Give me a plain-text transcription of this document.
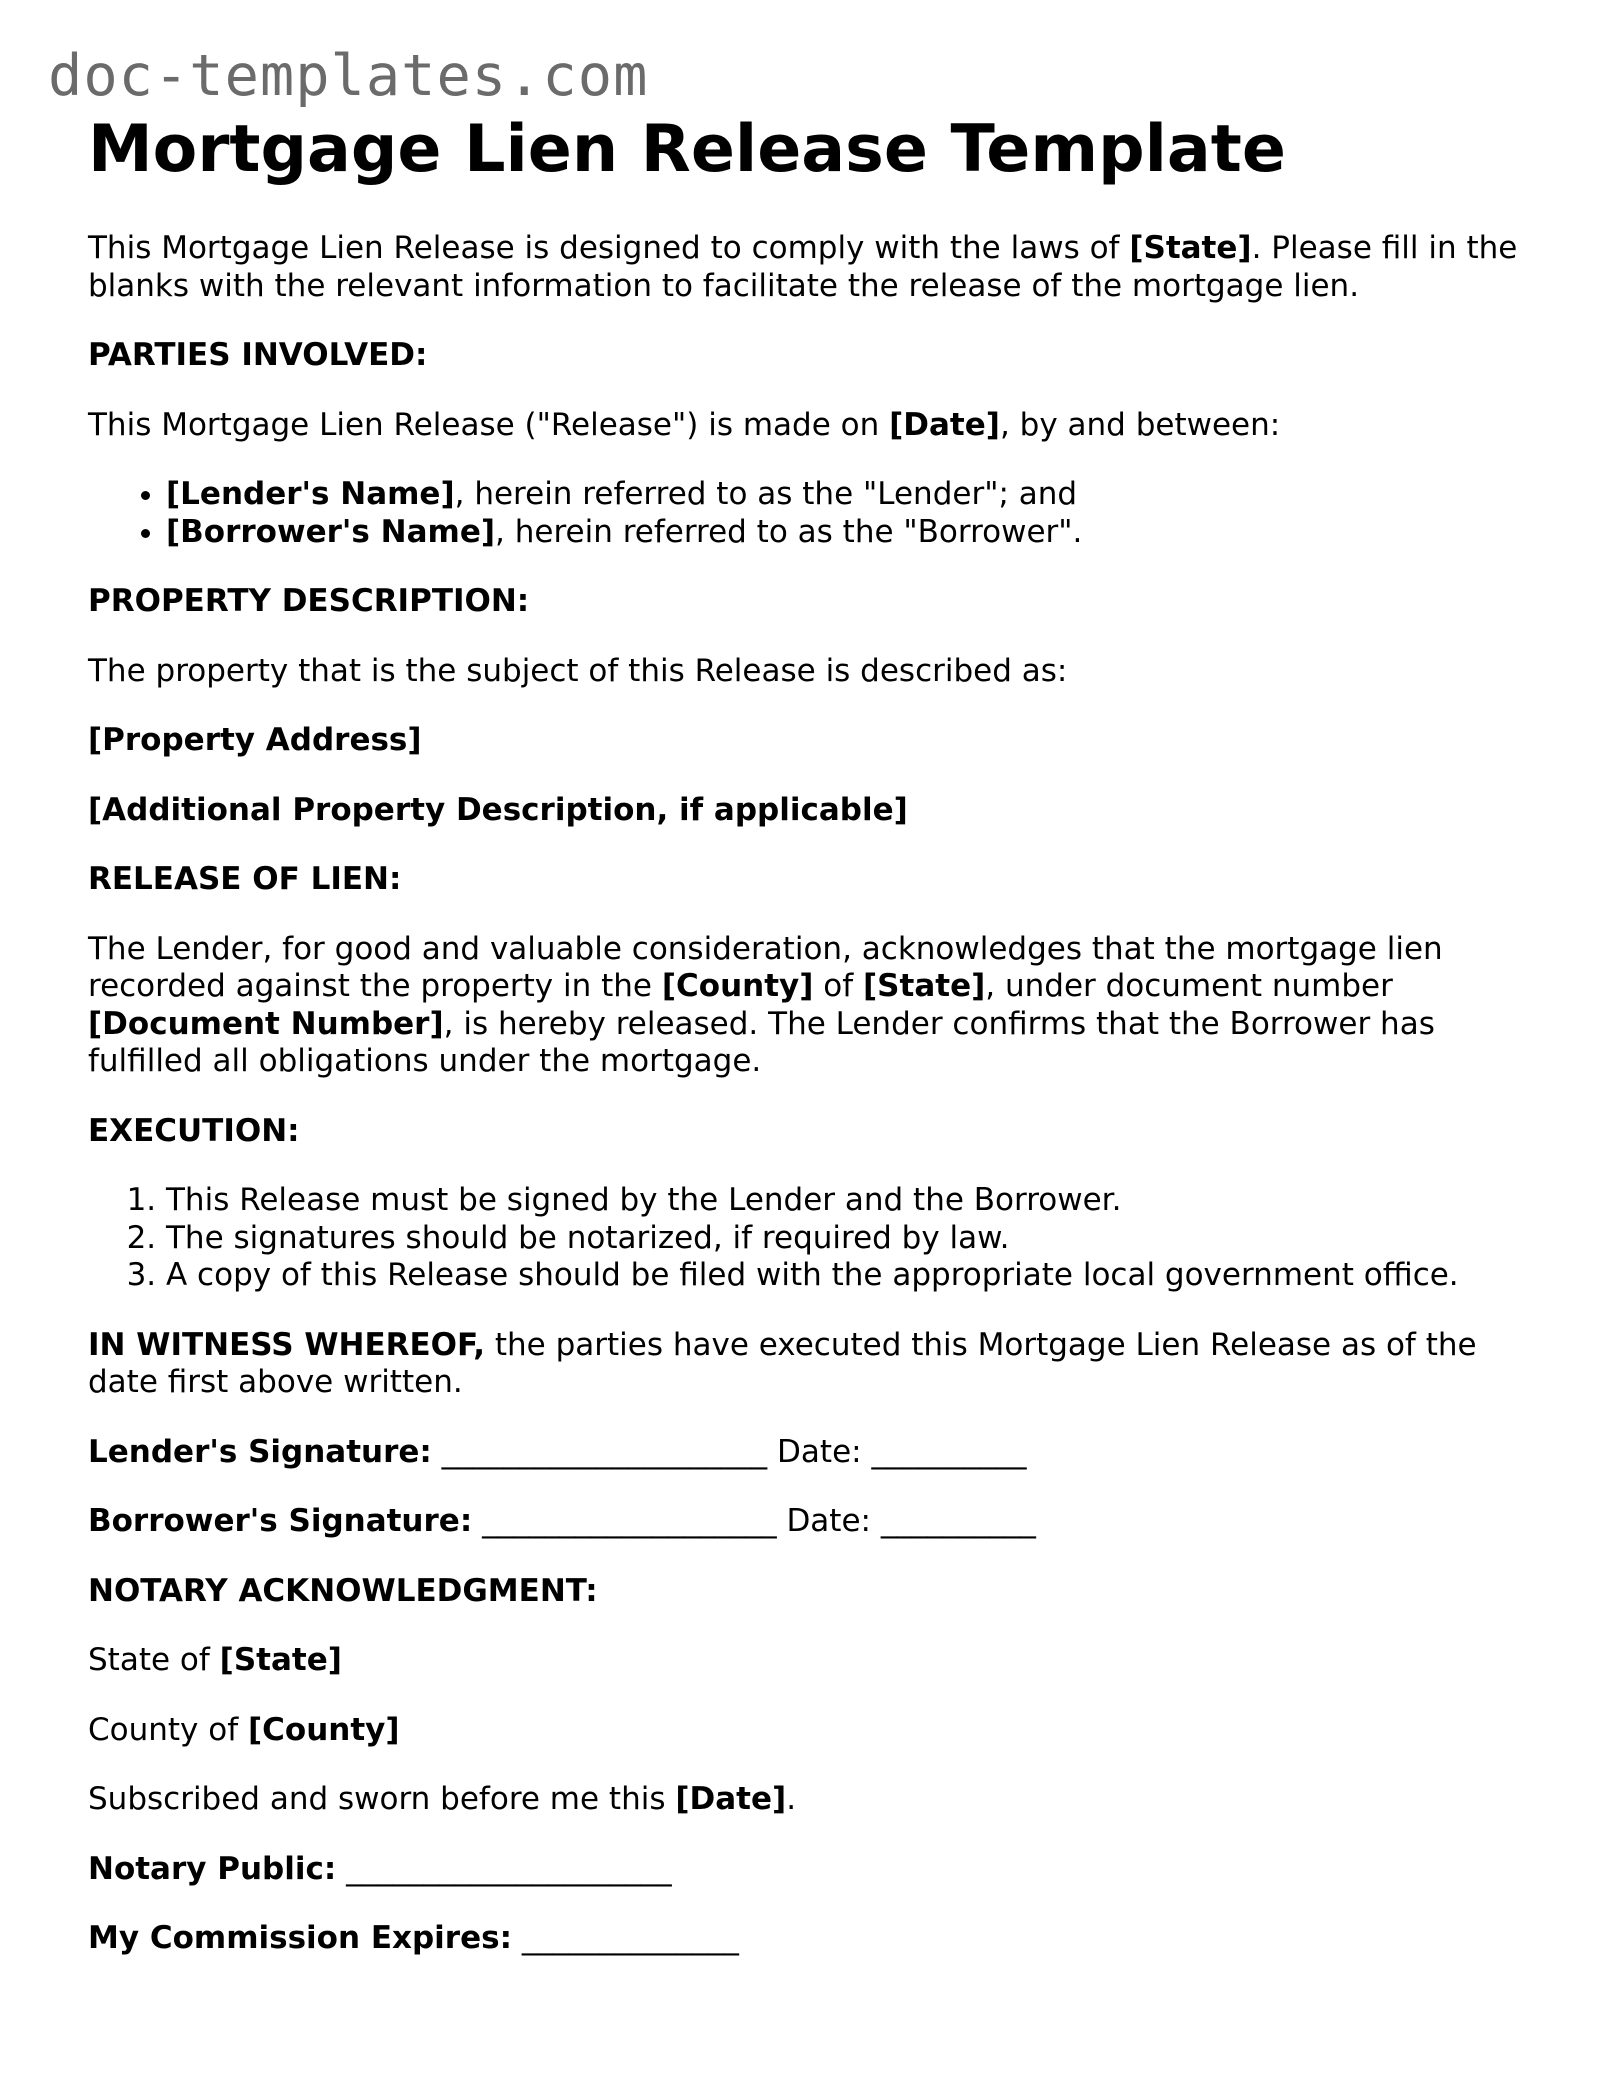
doc-templates.com
Mortgage Lien Release Template

This Mortgage Lien Release is designed to comply with the laws of [State]. Please fill in the blanks with the relevant information to facilitate the release of the mortgage lien.

PARTIES INVOLVED:

This Mortgage Lien Release ("Release") is made on [Date], by and between:

• [Lender's Name], herein referred to as the "Lender"; and
• [Borrower's Name], herein referred to as the "Borrower".

PROPERTY DESCRIPTION:

The property that is the subject of this Release is described as:

[Property Address]

[Additional Property Description, if applicable]

RELEASE OF LIEN:

The Lender, for good and valuable consideration, acknowledges that the mortgage lien recorded against the property in the [County] of [State], under document number [Document Number], is hereby released. The Lender confirms that the Borrower has fulfilled all obligations under the mortgage.

EXECUTION:

1. This Release must be signed by the Lender and the Borrower.
2. The signatures should be notarized, if required by law.
3. A copy of this Release should be filed with the appropriate local government office.

IN WITNESS WHEREOF, the parties have executed this Mortgage Lien Release as of the date first above written.

Lender's Signature: _____________________ Date: __________

Borrower's Signature: ___________________ Date: __________

NOTARY ACKNOWLEDGMENT:

State of [State]

County of [County]

Subscribed and sworn before me this [Date].

Notary Public: _____________________

My Commission Expires: ______________
